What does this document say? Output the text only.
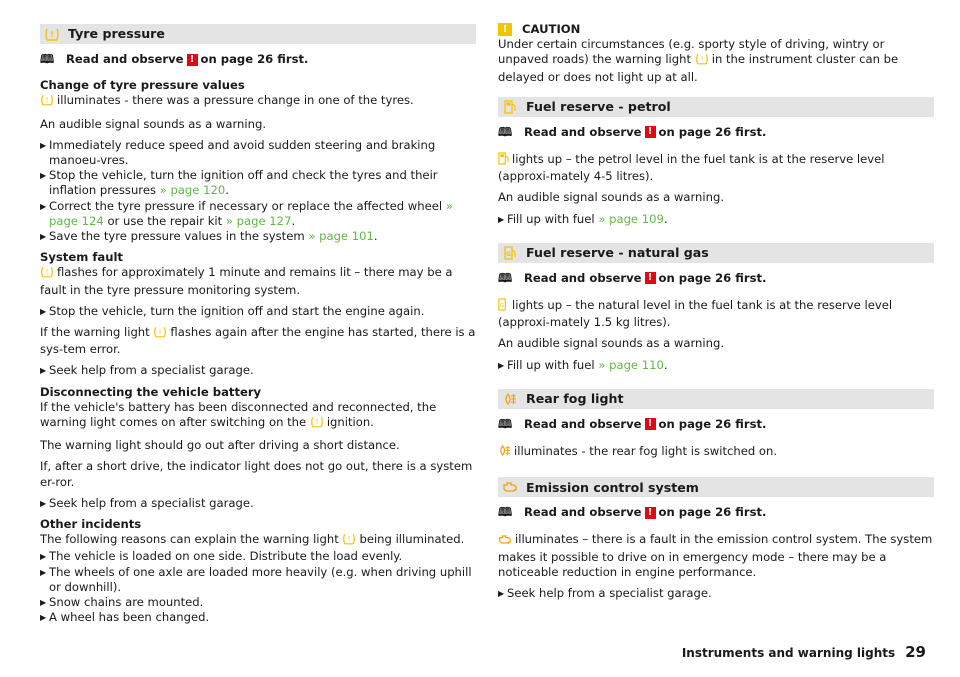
! Tyre pressure
🕮 Read and observe ! on page 26 first.

Change of tyre pressure values

! illuminates - there was a pressure change in one of the tyres.

An audible signal sounds as a warning.

▶ Immediately reduce speed and avoid sudden steering and braking manoeu-vres.
▶ Stop the vehicle, turn the ignition off and check the tyres and their inflation pressures » page 120.
▶ Correct the tyre pressure if necessary or replace the affected wheel » page 124 or use the repair kit » page 127.
▶ Save the tyre pressure values in the system » page 101.

System fault

! flashes for approximately 1 minute and remains lit – there may be a fault in the tyre pressure monitoring system.

▶ Stop the vehicle, turn the ignition off and start the engine again.

If the warning light ! flashes again after the engine has started, there is a sys-tem error.

▶ Seek help from a specialist garage.

Disconnecting the vehicle battery

If the vehicle's battery has been disconnected and reconnected, the warning light comes on after switching on the ! ignition.

The warning light should go out after driving a short distance.

If, after a short drive, the indicator light does not go out, there is a system er-ror.

▶ Seek help from a specialist garage.

Other incidents

The following reasons can explain the warning light ! being illuminated.

▶ The vehicle is loaded on one side. Distribute the load evenly.
▶ The wheels of one axle are loaded more heavily (e.g. when driving uphill or downhill).
▶ Snow chains are mounted.
▶ A wheel has been changed.
!	CAUTION

Under certain circumstances (e.g. sporty style of driving, wintry or unpaved roads) the warning light ! in the instrument cluster can be delayed or does not light up at all.

Fuel reserve - petrol
🕮 Read and observe ! on page 26 first.

lights up – the petrol level in the fuel tank is at the reserve level (approxi-mately 4-5 litres).

An audible signal sounds as a warning.

▶ Fill up with fuel » page 109.
G Fuel reserve - natural gas
🕮 Read and observe ! on page 26 first.

G lights up – the natural level in the fuel tank is at the reserve level (approxi-mately 1.5 kg litres).

An audible signal sounds as a warning.

▶ Fill up with fuel » page 110.
Rear fog light
🕮 Read and observe ! on page 26 first.

illuminates - the rear fog light is switched on.

Emission control system
🕮 Read and observe ! on page 26 first.

illuminates – there is a fault in the emission control system. The system makes it possible to drive on in emergency mode – there may be a noticeable reduction in engine performance.

▶ Seek help from a specialist garage.
Instruments and warning lights 29
